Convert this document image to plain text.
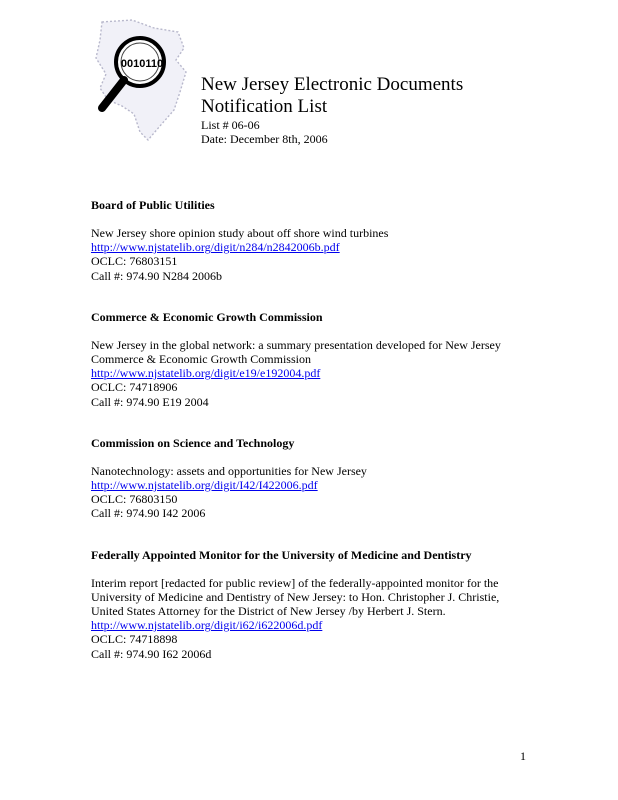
0010110

New Jersey Electronic Documents

Notification List

List # 06-06

Date: December 8th, 2006

Board of Public Utilities

New Jersey shore opinion study about off shore wind turbines

http://www.njstatelib.org/digit/n284/n2842006b.pdf

OCLC: 76803151

Call #: 974.90 N284 2006b

Commerce & Economic Growth Commission

New Jersey in the global network: a summary presentation developed for New Jersey

Commerce & Economic Growth Commission

http://www.njstatelib.org/digit/e19/e192004.pdf

OCLC: 74718906

Call #: 974.90 E19 2004

Commission on Science and Technology

Nanotechnology: assets and opportunities for New Jersey

http://www.njstatelib.org/digit/I42/I422006.pdf

OCLC: 76803150

Call #: 974.90 I42 2006

Federally Appointed Monitor for the University of Medicine and Dentistry

Interim report [redacted for public review] of the federally-appointed monitor for the

University of Medicine and Dentistry of New Jersey: to Hon. Christopher J. Christie,

United States Attorney for the District of New Jersey /by Herbert J. Stern.

http://www.njstatelib.org/digit/i62/i622006d.pdf

OCLC: 74718898

Call #: 974.90 I62 2006d

1
